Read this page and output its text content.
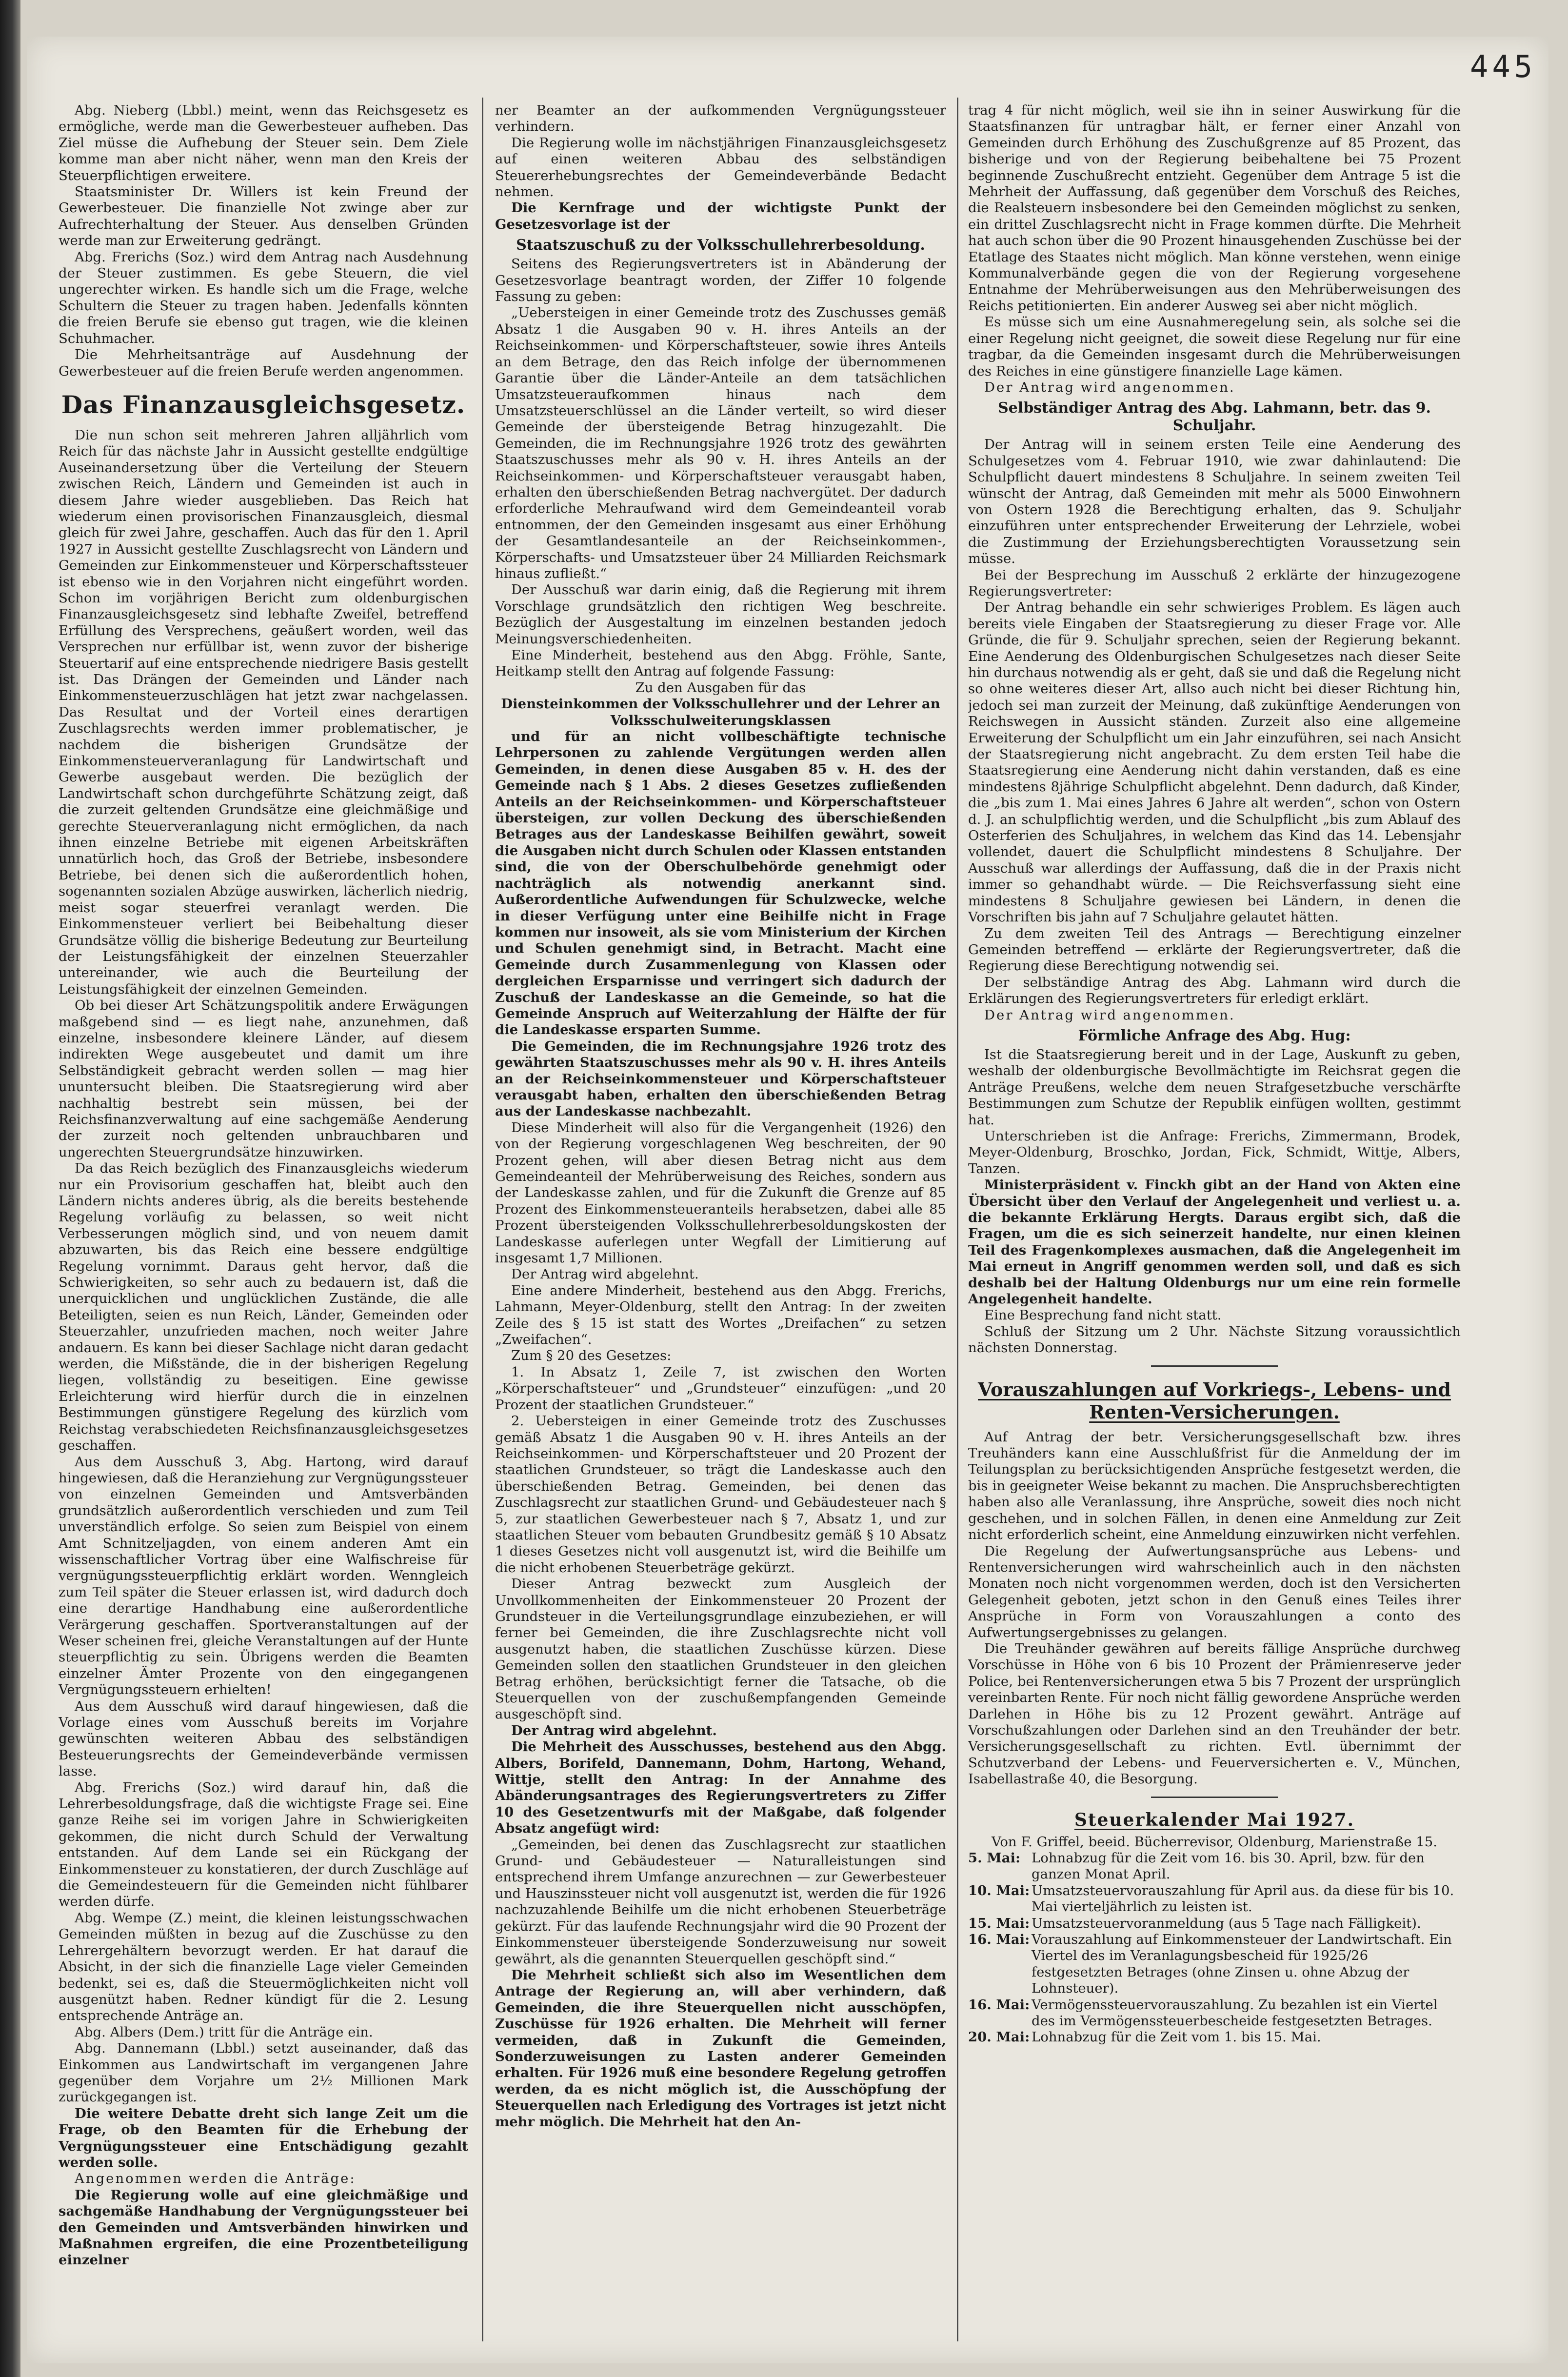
445

Abg. Nieberg (Lbbl.) meint, wenn das Reichsgesetz es ermögliche, werde man die Gewerbesteuer aufheben. Das Ziel müsse die Aufhebung der Steuer sein. Dem Ziele komme man aber nicht näher, wenn man den Kreis der Steuerpflichtigen erweitere.

Staatsminister Dr. Willers ist kein Freund der Gewerbesteuer. Die finanzielle Not zwinge aber zur Aufrechterhaltung der Steuer. Aus denselben Gründen werde man zur Erweiterung gedrängt.

Abg. Frerichs (Soz.) wird dem Antrag nach Ausdehnung der Steuer zustimmen. Es gebe Steuern, die viel ungerechter wirken. Es handle sich um die Frage, welche Schultern die Steuer zu tragen haben. Jedenfalls könnten die freien Berufe sie ebenso gut tragen, wie die kleinen Schuhmacher.

Die Mehrheitsanträge auf Ausdehnung der Gewerbesteuer auf die freien Berufe werden angenommen.

Das Finanzausgleichsgesetz.

Die nun schon seit mehreren Jahren alljährlich vom Reich für das nächste Jahr in Aussicht gestellte endgültige Auseinandersetzung über die Verteilung der Steuern zwischen Reich, Ländern und Gemeinden ist auch in diesem Jahre wieder ausgeblieben. Das Reich hat wiederum einen provisorischen Finanzausgleich, diesmal gleich für zwei Jahre, geschaffen. Auch das für den 1. April 1927 in Aussicht gestellte Zuschlagsrecht von Ländern und Gemeinden zur Einkommensteuer und Körperschaftssteuer ist ebenso wie in den Vorjahren nicht eingeführt worden. Schon im vorjährigen Bericht zum oldenburgischen Finanzausgleichsgesetz sind lebhafte Zweifel, betreffend Erfüllung des Versprechens, geäußert worden, weil das Versprechen nur erfüllbar ist, wenn zuvor der bisherige Steuertarif auf eine entsprechende niedrigere Basis gestellt ist. Das Drängen der Gemeinden und Länder nach Einkommensteuerzuschlägen hat jetzt zwar nachgelassen. Das Resultat und der Vorteil eines derartigen Zuschlagsrechts werden immer problematischer, je nachdem die bisherigen Grundsätze der Einkommensteuerveranlagung für Landwirtschaft und Gewerbe ausgebaut werden. Die bezüglich der Landwirtschaft schon durchgeführte Schätzung zeigt, daß die zurzeit geltenden Grundsätze eine gleichmäßige und gerechte Steuerveranlagung nicht ermöglichen, da nach ihnen einzelne Betriebe mit eigenen Arbeitskräften unnatürlich hoch, das Groß der Betriebe, insbesondere Betriebe, bei denen sich die außerordentlich hohen, sogenannten sozialen Abzüge auswirken, lächerlich niedrig, meist sogar steuerfrei veranlagt werden. Die Einkommensteuer verliert bei Beibehaltung dieser Grundsätze völlig die bisherige Bedeutung zur Beurteilung der Leistungsfähigkeit der einzelnen Steuerzahler untereinander, wie auch die Beurteilung der Leistungsfähigkeit der einzelnen Gemeinden.

Ob bei dieser Art Schätzungspolitik andere Erwägungen maßgebend sind — es liegt nahe, anzunehmen, daß einzelne, insbesondere kleinere Länder, auf diesem indirekten Wege ausgebeutet und damit um ihre Selbständigkeit gebracht werden sollen — mag hier ununtersucht bleiben. Die Staatsregierung wird aber nachhaltig bestrebt sein müssen, bei der Reichsfinanzverwaltung auf eine sachgemäße Aenderung der zurzeit noch geltenden unbrauchbaren und ungerechten Steuergrundsätze hinzuwirken.

Da das Reich bezüglich des Finanzausgleichs wiederum nur ein Provisorium geschaffen hat, bleibt auch den Ländern nichts anderes übrig, als die bereits bestehende Regelung vorläufig zu belassen, so weit nicht Verbesserungen möglich sind, und von neuem damit abzuwarten, bis das Reich eine bessere endgültige Regelung vornimmt. Daraus geht hervor, daß die Schwierigkeiten, so sehr auch zu bedauern ist, daß die unerquicklichen und unglücklichen Zustände, die alle Beteiligten, seien es nun Reich, Länder, Gemeinden oder Steuerzahler, unzufrieden machen, noch weiter Jahre andauern. Es kann bei dieser Sachlage nicht daran gedacht werden, die Mißstände, die in der bisherigen Regelung liegen, vollständig zu beseitigen. Eine gewisse Erleichterung wird hierfür durch die in einzelnen Bestimmungen günstigere Regelung des kürzlich vom Reichstag verabschiedeten Reichsfinanzausgleichsgesetzes geschaffen.

Aus dem Ausschuß 3, Abg. Hartong, wird darauf hingewiesen, daß die Heranziehung zur Vergnügungssteuer von einzelnen Gemeinden und Amtsverbänden grundsätzlich außerordentlich verschieden und zum Teil unverständlich erfolge. So seien zum Beispiel von einem Amt Schnitzeljagden, von einem anderen Amt ein wissenschaftlicher Vortrag über eine Walfischreise für vergnügungssteuerpflichtig erklärt worden. Wenngleich zum Teil später die Steuer erlassen ist, wird dadurch doch eine derartige Handhabung eine außerordentliche Verärgerung geschaffen. Sportveranstaltungen auf der Weser scheinen frei, gleiche Veranstaltungen auf der Hunte steuerpflichtig zu sein. Übrigens werden die Beamten einzelner Ämter Prozente von den eingegangenen Vergnügungssteuern erhielten!

Aus dem Ausschuß wird darauf hingewiesen, daß die Vorlage eines vom Ausschuß bereits im Vorjahre gewünschten weiteren Abbau des selbständigen Besteuerungsrechts der Gemeindeverbände vermissen lasse.

Abg. Frerichs (Soz.) wird darauf hin, daß die Lehrerbesoldungsfrage, daß die wichtigste Frage sei. Eine ganze Reihe sei im vorigen Jahre in Schwierigkeiten gekommen, die nicht durch Schuld der Verwaltung entstanden. Auf dem Lande sei ein Rückgang der Einkommensteuer zu konstatieren, der durch Zuschläge auf die Gemeindesteuern für die Gemeinden nicht fühlbarer werden dürfe.

Abg. Wempe (Z.) meint, die kleinen leistungsschwachen Gemeinden müßten in bezug auf die Zuschüsse zu den Lehrergehältern bevorzugt werden. Er hat darauf die Absicht, in der sich die finanzielle Lage vieler Gemeinden bedenkt, sei es, daß die Steuermöglichkeiten nicht voll ausgenützt haben. Redner kündigt für die 2. Lesung entsprechende Anträge an.

Abg. Albers (Dem.) tritt für die Anträge ein.

Abg. Dannemann (Lbbl.) setzt auseinander, daß das Einkommen aus Landwirtschaft im vergangenen Jahre gegenüber dem Vorjahre um 2½ Millionen Mark zurückgegangen ist.

Die weitere Debatte dreht sich lange Zeit um die Frage, ob den Beamten für die Erhebung der Vergnügungssteuer eine Entschädigung gezahlt werden solle.

Angenommen werden die Anträge:

Die Regierung wolle auf eine gleichmäßige und sachgemäße Handhabung der Vergnügungssteuer bei den Gemeinden und Amtsverbänden hinwirken und Maßnahmen ergreifen, die eine Prozentbeteiligung einzelner

ner Beamter an der aufkommenden Vergnügungssteuer verhindern.

Die Regierung wolle im nächstjährigen Finanzausgleichsgesetz auf einen weiteren Abbau des selbständigen Steuererhebungsrechtes der Gemeindeverbände Bedacht nehmen.

Die Kernfrage und der wichtigste Punkt der Gesetzesvorlage ist der

Staatszuschuß zu der Volksschullehrerbesoldung.

Seitens des Regierungsvertreters ist in Abänderung der Gesetzesvorlage beantragt worden, der Ziffer 10 folgende Fassung zu geben:

„Uebersteigen in einer Gemeinde trotz des Zuschusses gemäß Absatz 1 die Ausgaben 90 v. H. ihres Anteils an der Reichseinkommen- und Körperschaftsteuer, sowie ihres Anteils an dem Betrage, den das Reich infolge der übernommenen Garantie über die Länder-Anteile an dem tatsächlichen Umsatzsteueraufkommen hinaus nach dem Umsatzsteuerschlüssel an die Länder verteilt, so wird dieser Gemeinde der übersteigende Betrag hinzugezahlt. Die Gemeinden, die im Rechnungsjahre 1926 trotz des gewährten Staatszuschusses mehr als 90 v. H. ihres Anteils an der Reichseinkommen- und Körperschaftsteuer verausgabt haben, erhalten den überschießenden Betrag nachvergütet. Der dadurch erforderliche Mehraufwand wird dem Gemeindeanteil vorab entnommen, der den Gemeinden insgesamt aus einer Erhöhung der Gesamtlandesanteile an der Reichseinkommen-, Körperschafts- und Umsatzsteuer über 24 Milliarden Reichsmark hinaus zufließt.“

Der Ausschuß war darin einig, daß die Regierung mit ihrem Vorschlage grundsätzlich den richtigen Weg beschreite. Bezüglich der Ausgestaltung im einzelnen bestanden jedoch Meinungsverschiedenheiten.

Eine Minderheit, bestehend aus den Abgg. Fröhle, Sante, Heitkamp stellt den Antrag auf folgende Fassung:

Zu den Ausgaben für das

Diensteinkommen der Volksschullehrer und der Lehrer an Volksschulweiterungsklassen

und für an nicht vollbeschäftigte technische Lehrpersonen zu zahlende Vergütungen werden allen Gemeinden, in denen diese Ausgaben 85 v. H. des der Gemeinde nach § 1 Abs. 2 dieses Gesetzes zufließenden Anteils an der Reichseinkommen- und Körperschaftsteuer übersteigen, zur vollen Deckung des überschießenden Betrages aus der Landeskasse Beihilfen gewährt, soweit die Ausgaben nicht durch Schulen oder Klassen entstanden sind, die von der Oberschulbehörde genehmigt oder nachträglich als notwendig anerkannt sind. Außerordentliche Aufwendungen für Schulzwecke, welche in dieser Verfügung unter eine Beihilfe nicht in Frage kommen nur insoweit, als sie vom Ministerium der Kirchen und Schulen genehmigt sind, in Betracht. Macht eine Gemeinde durch Zusammenlegung von Klassen oder dergleichen Ersparnisse und verringert sich dadurch der Zuschuß der Landeskasse an die Gemeinde, so hat die Gemeinde Anspruch auf Weiterzahlung der Hälfte der für die Landeskasse ersparten Summe.

Die Gemeinden, die im Rechnungsjahre 1926 trotz des gewährten Staatszuschusses mehr als 90 v. H. ihres Anteils an der Reichseinkommensteuer und Körperschaftsteuer verausgabt haben, erhalten den überschießenden Betrag aus der Landeskasse nachbezahlt.

Diese Minderheit will also für die Vergangenheit (1926) den von der Regierung vorgeschlagenen Weg beschreiten, der 90 Prozent gehen, will aber diesen Betrag nicht aus dem Gemeindeanteil der Mehrüberweisung des Reiches, sondern aus der Landeskasse zahlen, und für die Zukunft die Grenze auf 85 Prozent des Einkommensteueranteils herabsetzen, dabei alle 85 Prozent übersteigenden Volksschullehrerbesoldungskosten der Landeskasse auferlegen unter Wegfall der Limitierung auf insgesamt 1,7 Millionen.

Der Antrag wird abgelehnt.

Eine andere Minderheit, bestehend aus den Abgg. Frerichs, Lahmann, Meyer-Oldenburg, stellt den Antrag: In der zweiten Zeile des § 15 ist statt des Wortes „Dreifachen“ zu setzen „Zweifachen“.

Zum § 20 des Gesetzes:

1. In Absatz 1, Zeile 7, ist zwischen den Worten „Körperschaftsteuer“ und „Grundsteuer“ einzufügen: „und 20 Prozent der staatlichen Grundsteuer.“

2. Uebersteigen in einer Gemeinde trotz des Zuschusses gemäß Absatz 1 die Ausgaben 90 v. H. ihres Anteils an der Reichseinkommen- und Körperschaftsteuer und 20 Prozent der staatlichen Grundsteuer, so trägt die Landeskasse auch den überschießenden Betrag. Gemeinden, bei denen das Zuschlagsrecht zur staatlichen Grund- und Gebäudesteuer nach § 5, zur staatlichen Gewerbesteuer nach § 7, Absatz 1, und zur staatlichen Steuer vom bebauten Grundbesitz gemäß § 10 Absatz 1 dieses Gesetzes nicht voll ausgenutzt ist, wird die Beihilfe um die nicht erhobenen Steuerbeträge gekürzt.

Dieser Antrag bezweckt zum Ausgleich der Unvollkommenheiten der Einkommensteuer 20 Prozent der Grundsteuer in die Verteilungsgrundlage einzubeziehen, er will ferner bei Gemeinden, die ihre Zuschlagsrechte nicht voll ausgenutzt haben, die staatlichen Zuschüsse kürzen. Diese Gemeinden sollen den staatlichen Grundsteuer in den gleichen Betrag erhöhen, berücksichtigt ferner die Tatsache, ob die Steuerquellen von der zuschußempfangenden Gemeinde ausgeschöpft sind.

Der Antrag wird abgelehnt.

Die Mehrheit des Ausschusses, bestehend aus den Abgg. Albers, Borifeld, Dannemann, Dohm, Hartong, Wehand, Wittje, stellt den Antrag: In der Annahme des Abänderungsantrages des Regierungsvertreters zu Ziffer 10 des Gesetzentwurfs mit der Maßgabe, daß folgender Absatz angefügt wird:

„Gemeinden, bei denen das Zuschlagsrecht zur staatlichen Grund- und Gebäudesteuer — Naturalleistungen sind entsprechend ihrem Umfange anzurechnen — zur Gewerbesteuer und Hauszinssteuer nicht voll ausgenutzt ist, werden die für 1926 nachzuzahlende Beihilfe um die nicht erhobenen Steuerbeträge gekürzt. Für das laufende Rechnungsjahr wird die 90 Prozent der Einkommensteuer übersteigende Sonderzuweisung nur soweit gewährt, als die genannten Steuerquellen geschöpft sind.“

Die Mehrheit schließt sich also im Wesentlichen dem Antrage der Regierung an, will aber verhindern, daß Gemeinden, die ihre Steuerquellen nicht ausschöpfen, Zuschüsse für 1926 erhalten. Die Mehrheit will ferner vermeiden, daß in Zukunft die Gemeinden, Sonderzuweisungen zu Lasten anderer Gemeinden erhalten. Für 1926 muß eine besondere Regelung getroffen werden, da es nicht möglich ist, die Ausschöpfung der Steuerquellen nach Erledigung des Vortrages ist jetzt nicht mehr möglich. Die Mehrheit hat den An-

trag 4 für nicht möglich, weil sie ihn in seiner Auswirkung für die Staatsfinanzen für untragbar hält, er ferner einer Anzahl von Gemeinden durch Erhöhung des Zuschußgrenze auf 85 Prozent, das bisherige und von der Regierung beibehaltene bei 75 Prozent beginnende Zuschußrecht entzieht. Gegenüber dem Antrage 5 ist die Mehrheit der Auffassung, daß gegenüber dem Vorschuß des Reiches, die Realsteuern insbesondere bei den Gemeinden möglichst zu senken, ein drittel Zuschlagsrecht nicht in Frage kommen dürfte. Die Mehrheit hat auch schon über die 90 Prozent hinausgehenden Zuschüsse bei der Etatlage des Staates nicht möglich. Man könne verstehen, wenn einige Kommunalverbände gegen die von der Regierung vorgesehene Entnahme der Mehrüberweisungen aus den Mehrüberweisungen des Reichs petitionierten. Ein anderer Ausweg sei aber nicht möglich.

Es müsse sich um eine Ausnahmeregelung sein, als solche sei die einer Regelung nicht geeignet, die soweit diese Regelung nur für eine tragbar, da die Gemeinden insgesamt durch die Mehrüberweisungen des Reiches in eine günstigere finanzielle Lage kämen.

Der Antrag wird angenommen.

Selbständiger Antrag des Abg. Lahmann, betr. das 9. Schuljahr.

Der Antrag will in seinem ersten Teile eine Aenderung des Schulgesetzes vom 4. Februar 1910, wie zwar dahinlautend: Die Schulpflicht dauert mindestens 8 Schuljahre. In seinem zweiten Teil wünscht der Antrag, daß Gemeinden mit mehr als 5000 Einwohnern von Ostern 1928 die Berechtigung erhalten, das 9. Schuljahr einzuführen unter entsprechender Erweiterung der Lehrziele, wobei die Zustimmung der Erziehungsberechtigten Voraussetzung sein müsse.

Bei der Besprechung im Ausschuß 2 erklärte der hinzugezogene Regierungsvertreter:

Der Antrag behandle ein sehr schwieriges Problem. Es lägen auch bereits viele Eingaben der Staatsregierung zu dieser Frage vor. Alle Gründe, die für 9. Schuljahr sprechen, seien der Regierung bekannt. Eine Aenderung des Oldenburgischen Schulgesetzes nach dieser Seite hin durchaus notwendig als er geht, daß sie und daß die Regelung nicht so ohne weiteres dieser Art, allso auch nicht bei dieser Richtung hin, jedoch sei man zurzeit der Meinung, daß zukünftige Aenderungen von Reichswegen in Aussicht ständen. Zurzeit also eine allgemeine Erweiterung der Schulpflicht um ein Jahr einzuführen, sei nach Ansicht der Staatsregierung nicht angebracht. Zu dem ersten Teil habe die Staatsregierung eine Aenderung nicht dahin verstanden, daß es eine mindestens 8jährige Schulpflicht abgelehnt. Denn dadurch, daß Kinder, die „bis zum 1. Mai eines Jahres 6 Jahre alt werden“, schon von Ostern d. J. an schulpflichtig werden, und die Schulpflicht „bis zum Ablauf des Osterferien des Schuljahres, in welchem das Kind das 14. Lebensjahr vollendet, dauert die Schulpflicht mindestens 8 Schuljahre. Der Ausschuß war allerdings der Auffassung, daß die in der Praxis nicht immer so gehandhabt würde. — Die Reichsverfassung sieht eine mindestens 8 Schuljahre gewiesen bei Ländern, in denen die Vorschriften bis jahn auf 7 Schuljahre gelautet hätten.

Zu dem zweiten Teil des Antrags — Berechtigung einzelner Gemeinden betreffend — erklärte der Regierungsvertreter, daß die Regierung diese Berechtigung notwendig sei.

Der selbständige Antrag des Abg. Lahmann wird durch die Erklärungen des Regierungsvertreters für erledigt erklärt.

Der Antrag wird angenommen.

Förmliche Anfrage des Abg. Hug:

Ist die Staatsregierung bereit und in der Lage, Auskunft zu geben, weshalb der oldenburgische Bevollmächtigte im Reichsrat gegen die Anträge Preußens, welche dem neuen Strafgesetzbuche verschärfte Bestimmungen zum Schutze der Republik einfügen wollten, gestimmt hat.

Unterschrieben ist die Anfrage: Frerichs, Zimmermann, Brodek, Meyer-Oldenburg, Broschko, Jordan, Fick, Schmidt, Wittje, Albers, Tanzen.

Ministerpräsident v. Finckh gibt an der Hand von Akten eine Übersicht über den Verlauf der Angelegenheit und verliest u. a. die bekannte Erklärung Hergts. Daraus ergibt sich, daß die Fragen, um die es sich seinerzeit handelte, nur einen kleinen Teil des Fragenkomplexes ausmachen, daß die Angelegenheit im Mai erneut in Angriff genommen werden soll, und daß es sich deshalb bei der Haltung Oldenburgs nur um eine rein formelle Angelegenheit handelte.

Eine Besprechung fand nicht statt.

Schluß der Sitzung um 2 Uhr. Nächste Sitzung voraussichtlich nächsten Donnerstag.

Vorauszahlungen auf Vorkriegs-, Lebens- und Renten-Versicherungen.

Auf Antrag der betr. Versicherungsgesellschaft bzw. ihres Treuhänders kann eine Ausschlußfrist für die Anmeldung der im Teilungsplan zu berücksichtigenden Ansprüche festgesetzt werden, die bis in geeigneter Weise bekannt zu machen. Die Anspruchsberechtigten haben also alle Veranlassung, ihre Ansprüche, soweit dies noch nicht geschehen, und in solchen Fällen, in denen eine Anmeldung zur Zeit nicht erforderlich scheint, eine Anmeldung einzuwirken nicht verfehlen.

Die Regelung der Aufwertungsansprüche aus Lebens- und Rentenversicherungen wird wahrscheinlich auch in den nächsten Monaten noch nicht vorgenommen werden, doch ist den Versicherten Gelegenheit geboten, jetzt schon in den Genuß eines Teiles ihrer Ansprüche in Form von Vorauszahlungen a conto des Aufwertungsergebnisses zu gelangen.

Die Treuhänder gewähren auf bereits fällige Ansprüche durchweg Vorschüsse in Höhe von 6 bis 10 Prozent der Prämienreserve jeder Police, bei Rentenversicherungen etwa 5 bis 7 Prozent der ursprünglich vereinbarten Rente. Für noch nicht fällig gewordene Ansprüche werden Darlehen in Höhe bis zu 12 Prozent gewährt. Anträge auf Vorschußzahlungen oder Darlehen sind an den Treuhänder der betr. Versicherungsgesellschaft zu richten. Evtl. übernimmt der Schutzverband der Lebens- und Feuerversicherten e. V., München, Isabellastraße 40, die Besorgung.

Steuerkalender Mai 1927.

Von F. Griffel, beeid. Bücherrevisor, Oldenburg, Marienstraße 15.

5. Mai: Lohnabzug für die Zeit vom 16. bis 30. April, bzw. für den ganzen Monat April.
10. Mai: Umsatzsteuervorauszahlung für April aus. da diese für bis 10. Mai vierteljährlich zu leisten ist.
15. Mai: Umsatzsteuervoranmeldung (aus 5 Tage nach Fälligkeit).
16. Mai: Vorauszahlung auf Einkommensteuer der Landwirtschaft. Ein Viertel des im Veranlagungsbescheid für 1925/26 festgesetzten Betrages (ohne Zinsen u. ohne Abzug der Lohnsteuer).
16. Mai: Vermögenssteuervorauszahlung. Zu bezahlen ist ein Viertel des im Vermögenssteuerbescheide festgesetzten Betrages.
20. Mai: Lohnabzug für die Zeit vom 1. bis 15. Mai.
